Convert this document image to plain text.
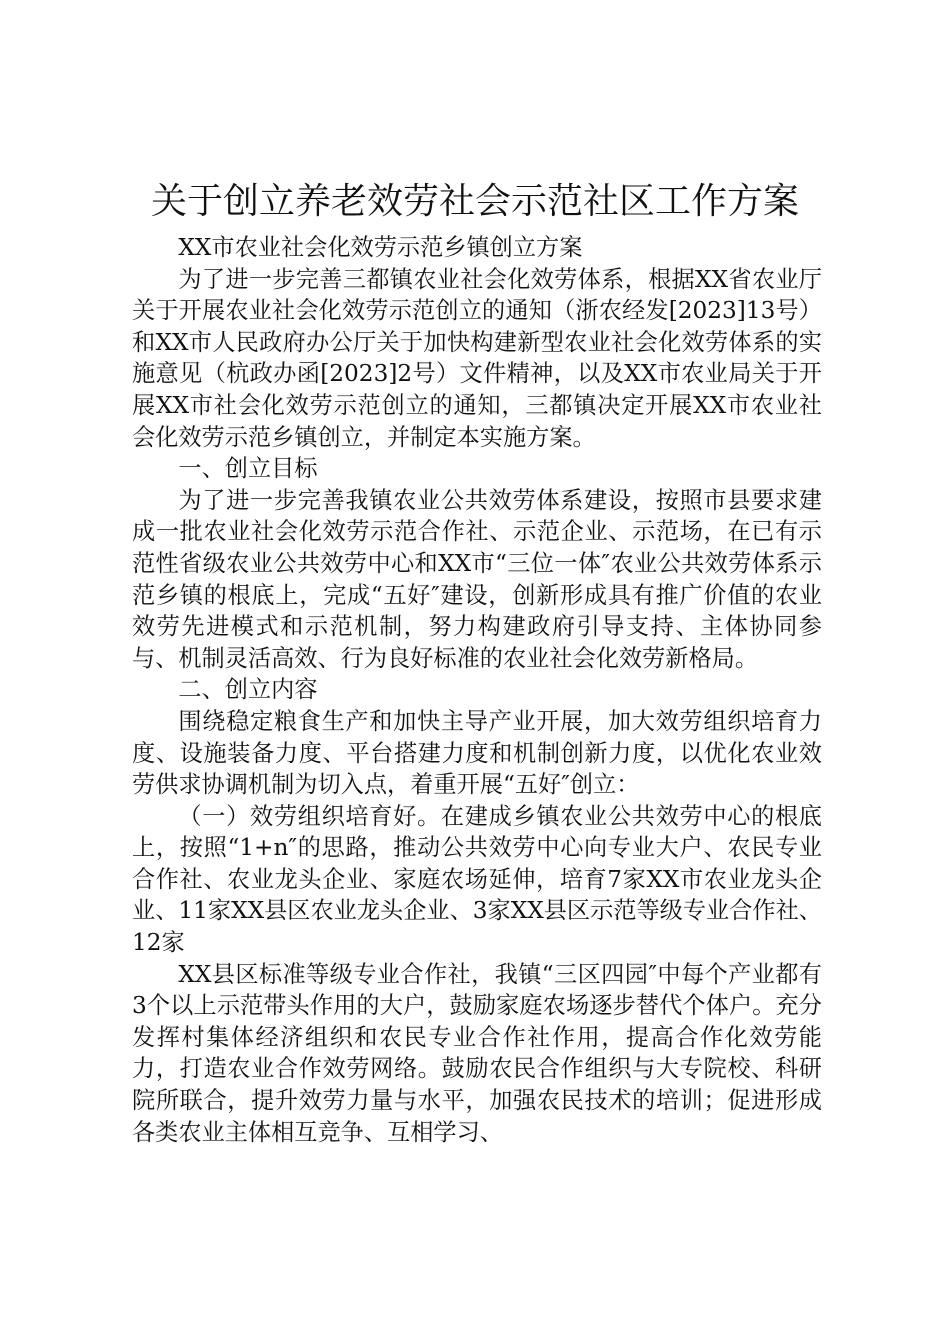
关于创立养老效劳社会示范社区工作方案

XX市农业社会化效劳示范乡镇创立方案

为了进一步完善三都镇农业社会化效劳体系，根据XX省农业厅关于开展农业社会化效劳示范创立的通知（浙农经发[2023]13号）和XX市人民政府办公厅关于加快构建新型农业社会化效劳体系的实施意见（杭政办函[2023]2号）文件精神，以及XX市农业局关于开展XX市社会化效劳示范创立的通知，三都镇决定开展XX市农业社会化效劳示范乡镇创立，并制定本实施方案。

一、创立目标

为了进一步完善我镇农业公共效劳体系建设，按照市县要求建成一批农业社会化效劳示范合作社、示范企业、示范场，在已有示范性省级农业公共效劳中心和XX市“三位一体″农业公共效劳体系示范乡镇的根底上，完成“五好″建设，创新形成具有推广价值的农业效劳先进模式和示范机制，努力构建政府引导支持、主体协同参与、机制灵活高效、行为良好标准的农业社会化效劳新格局。

二、创立内容

围绕稳定粮食生产和加快主导产业开展，加大效劳组织培育力度、设施装备力度、平台搭建力度和机制创新力度，以优化农业效劳供求协调机制为切入点，着重开展“五好″创立：

（一）效劳组织培育好。在建成乡镇农业公共效劳中心的根底上，按照“1+n″的思路，推动公共效劳中心向专业大户、农民专业合作社、农业龙头企业、家庭农场延伸，培育7家XX市农业龙头企业、11家XX县区农业龙头企业、3家XX县区示范等级专业合作社、12家

XX县区标准等级专业合作社，我镇“三区四园″中每个产业都有3个以上示范带头作用的大户，鼓励家庭农场逐步替代个体户。充分发挥村集体经济组织和农民专业合作社作用，提高合作化效劳能力，打造农业合作效劳网络。鼓励农民合作组织与大专院校、科研院所联合，提升效劳力量与水平，加强农民技术的培训；促进形成各类农业主体相互竞争、互相学习、
